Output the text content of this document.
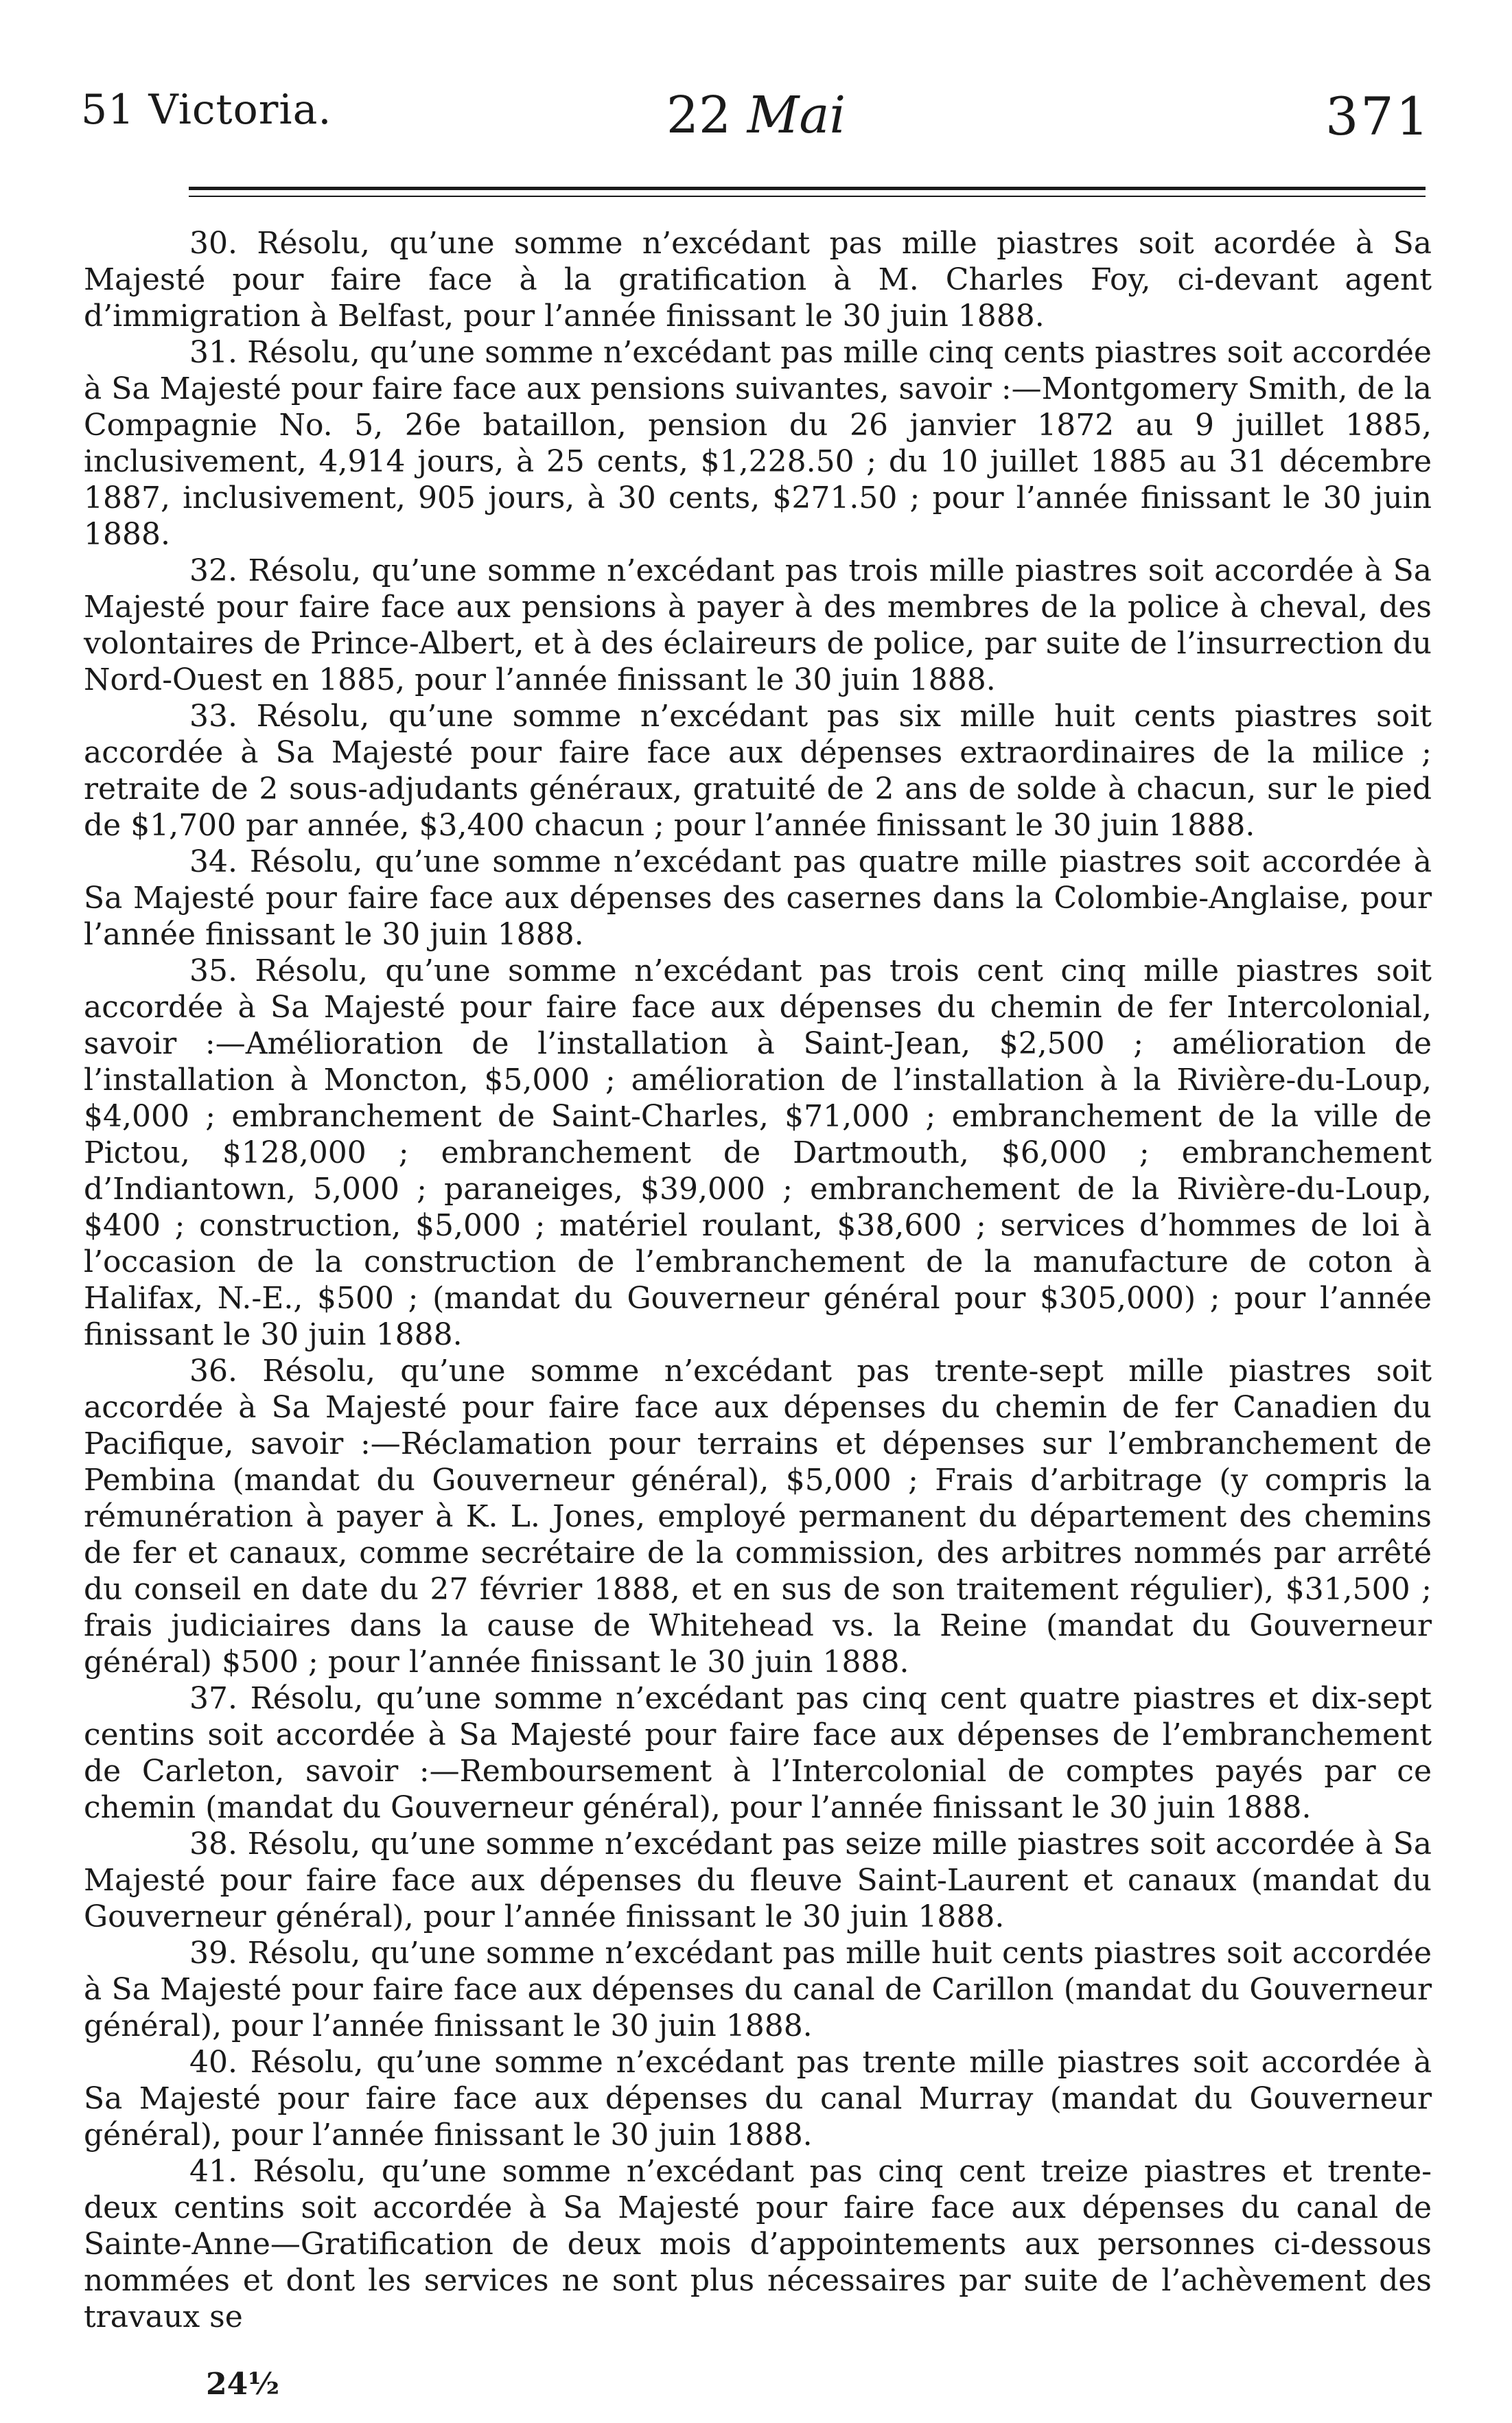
51 Victoria.	22 Mai	371

30. Résolu, qu’une somme n’excédant pas mille piastres soit acordée à Sa Majesté pour faire face à la gratification à M. Charles Foy, ci-devant agent d’immigration à Belfast, pour l’année finissant le 30 juin 1888.

31. Résolu, qu’une somme n’excédant pas mille cinq cents piastres soit accordée à Sa Majesté pour faire face aux pensions suivantes, savoir :—Montgomery Smith, de la Compagnie No. 5, 26e bataillon, pension du 26 janvier 1872 au 9 juillet 1885, inclusivement, 4,914 jours, à 25 cents, $1,228.50 ; du 10 juillet 1885 au 31 décembre 1887, inclusivement, 905 jours, à 30 cents, $271.50 ; pour l’année finissant le 30 juin 1888.

32. Résolu, qu’une somme n’excédant pas trois mille piastres soit accordée à Sa Majesté pour faire face aux pensions à payer à des membres de la police à cheval, des volontaires de Prince-Albert, et à des éclaireurs de police, par suite de l’insurrection du Nord-Ouest en 1885, pour l’année finissant le 30 juin 1888.

33. Résolu, qu’une somme n’excédant pas six mille huit cents piastres soit accordée à Sa Majesté pour faire face aux dépenses extraordinaires de la milice ; retraite de 2 sous-adjudants généraux, gratuité de 2 ans de solde à chacun, sur le pied de $1,700 par année, $3,400 chacun ; pour l’année finissant le 30 juin 1888.

34. Résolu, qu’une somme n’excédant pas quatre mille piastres soit accordée à Sa Majesté pour faire face aux dépenses des casernes dans la Colombie-Anglaise, pour l’année finissant le 30 juin 1888.

35. Résolu, qu’une somme n’excédant pas trois cent cinq mille piastres soit accordée à Sa Majesté pour faire face aux dépenses du chemin de fer Intercolonial, savoir :—Amélioration de l’installation à Saint-Jean, $2,500 ; amélioration de l’installation à Moncton, $5,000 ; amélioration de l’installation à la Rivière-du-Loup, $4,000 ; embranchement de Saint-Charles, $71,000 ; embranchement de la ville de Pictou, $128,000 ; embranchement de Dartmouth, $6,000 ; embranchement d’Indiantown, 5,000 ; paraneiges, $39,000 ; embranchement de la Rivière-du-Loup, $400 ; construction, $5,000 ; matériel roulant, $38,600 ; services d’hommes de loi à l’occasion de la construction de l’embranchement de la manufacture de coton à Halifax, N.-E., $500 ; (mandat du Gouverneur général pour $305,000) ; pour l’année finissant le 30 juin 1888.

36. Résolu, qu’une somme n’excédant pas trente-sept mille piastres soit accordée à Sa Majesté pour faire face aux dépenses du chemin de fer Canadien du Pacifique, savoir :—Réclamation pour terrains et dépenses sur l’embranchement de Pembina (mandat du Gouverneur général), $5,000 ; Frais d’arbitrage (y compris la rémunération à payer à K. L. Jones, employé permanent du département des chemins de fer et canaux, comme secrétaire de la commission, des arbitres nommés par arrêté du conseil en date du 27 février 1888, et en sus de son traitement régulier), $31,500 ; frais judiciaires dans la cause de Whitehead vs. la Reine (mandat du Gouverneur général) $500 ; pour l’année finissant le 30 juin 1888.

37. Résolu, qu’une somme n’excédant pas cinq cent quatre piastres et dix-sept centins soit accordée à Sa Majesté pour faire face aux dépenses de l’embranchement de Carleton, savoir :—Remboursement à l’Intercolonial de comptes payés par ce chemin (mandat du Gouverneur général), pour l’année finissant le 30 juin 1888.

38. Résolu, qu’une somme n’excédant pas seize mille piastres soit accordée à Sa Majesté pour faire face aux dépenses du fleuve Saint-Laurent et canaux (mandat du Gouverneur général), pour l’année finissant le 30 juin 1888.

39. Résolu, qu’une somme n’excédant pas mille huit cents piastres soit accordée à Sa Majesté pour faire face aux dépenses du canal de Carillon (mandat du Gouverneur général), pour l’année finissant le 30 juin 1888.

40. Résolu, qu’une somme n’excédant pas trente mille piastres soit accordée à Sa Majesté pour faire face aux dépenses du canal Murray (mandat du Gouverneur général), pour l’année finissant le 30 juin 1888.

41. Résolu, qu’une somme n’excédant pas cinq cent treize piastres et trente-deux centins soit accordée à Sa Majesté pour faire face aux dépenses du canal de Sainte-Anne—Gratification de deux mois d’appointements aux personnes ci-dessous nommées et dont les services ne sont plus nécessaires par suite de l’achèvement des travaux se

24½
